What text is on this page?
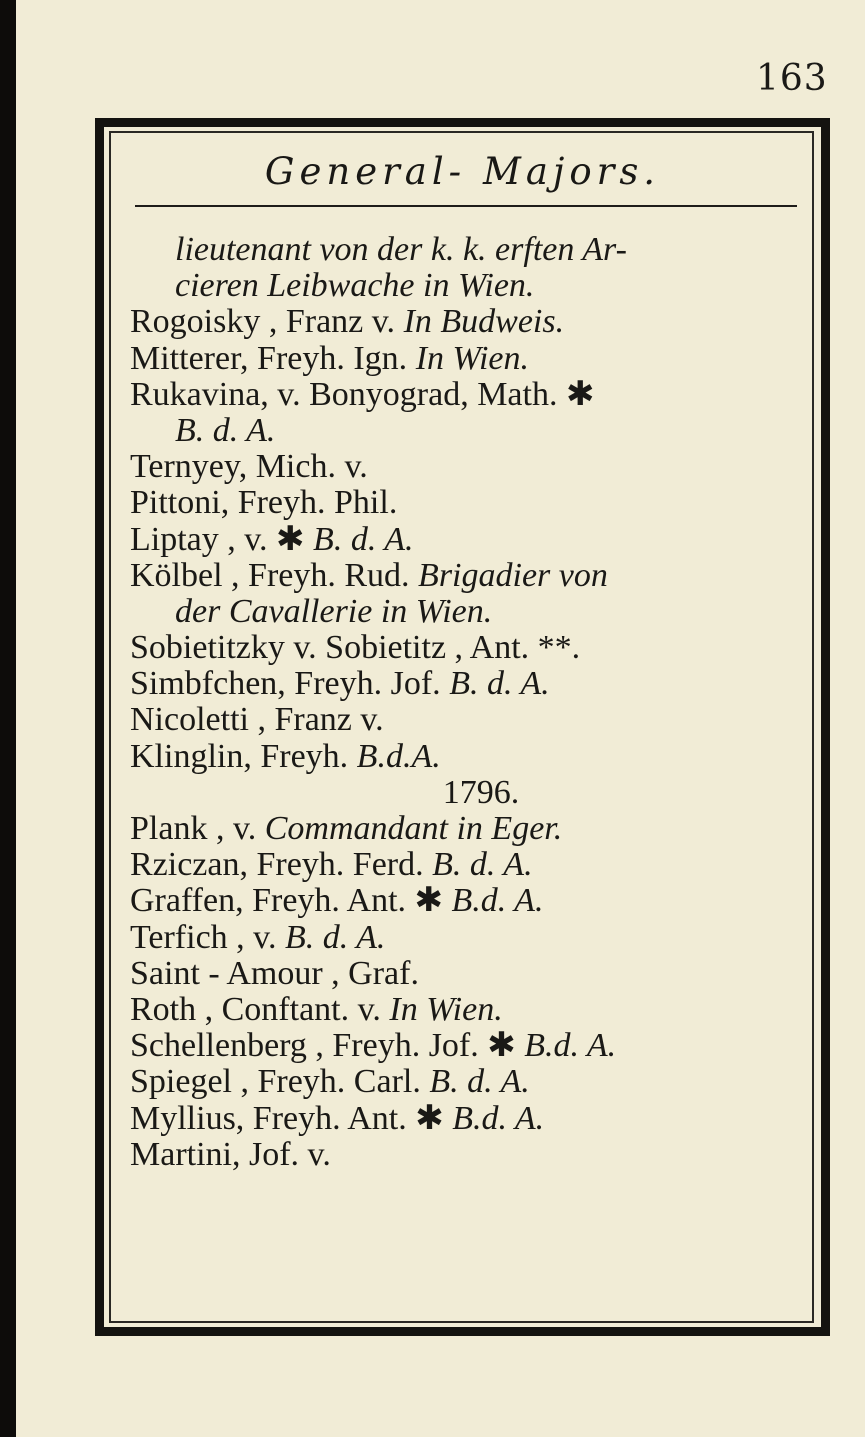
163
General- Majors.
lieutenant von der k. k. erften Ar-
cieren Leibwache in Wien.
Rogoisky , Franz v. In Budweis.
Mitterer, Freyh. Ign. In Wien.
Rukavina, v. Bonyograd, Math. ✱
B. d. A.
Ternyey, Mich. v.
Pittoni, Freyh. Phil.
Liptay , v. ✱ B. d. A.
Kölbel , Freyh. Rud. Brigadier von
der Cavallerie in Wien.
Sobietitzky v. Sobietitz , Ant. **.
Simbfchen, Freyh. Jof. B. d. A.
Nicoletti , Franz v.
Klinglin, Freyh. B.d.A.
1796.
Plank , v. Commandant in Eger.
Rziczan, Freyh. Ferd. B. d. A.
Graffen, Freyh. Ant. ✱ B.d. A.
Terfich , v. B. d. A.
Saint - Amour , Graf.
Roth , Conftant. v. In Wien.
Schellenberg , Freyh. Jof. ✱ B.d. A.
Spiegel , Freyh. Carl. B. d. A.
Myllius, Freyh. Ant. ✱ B.d. A.
Martini, Jof. v.
